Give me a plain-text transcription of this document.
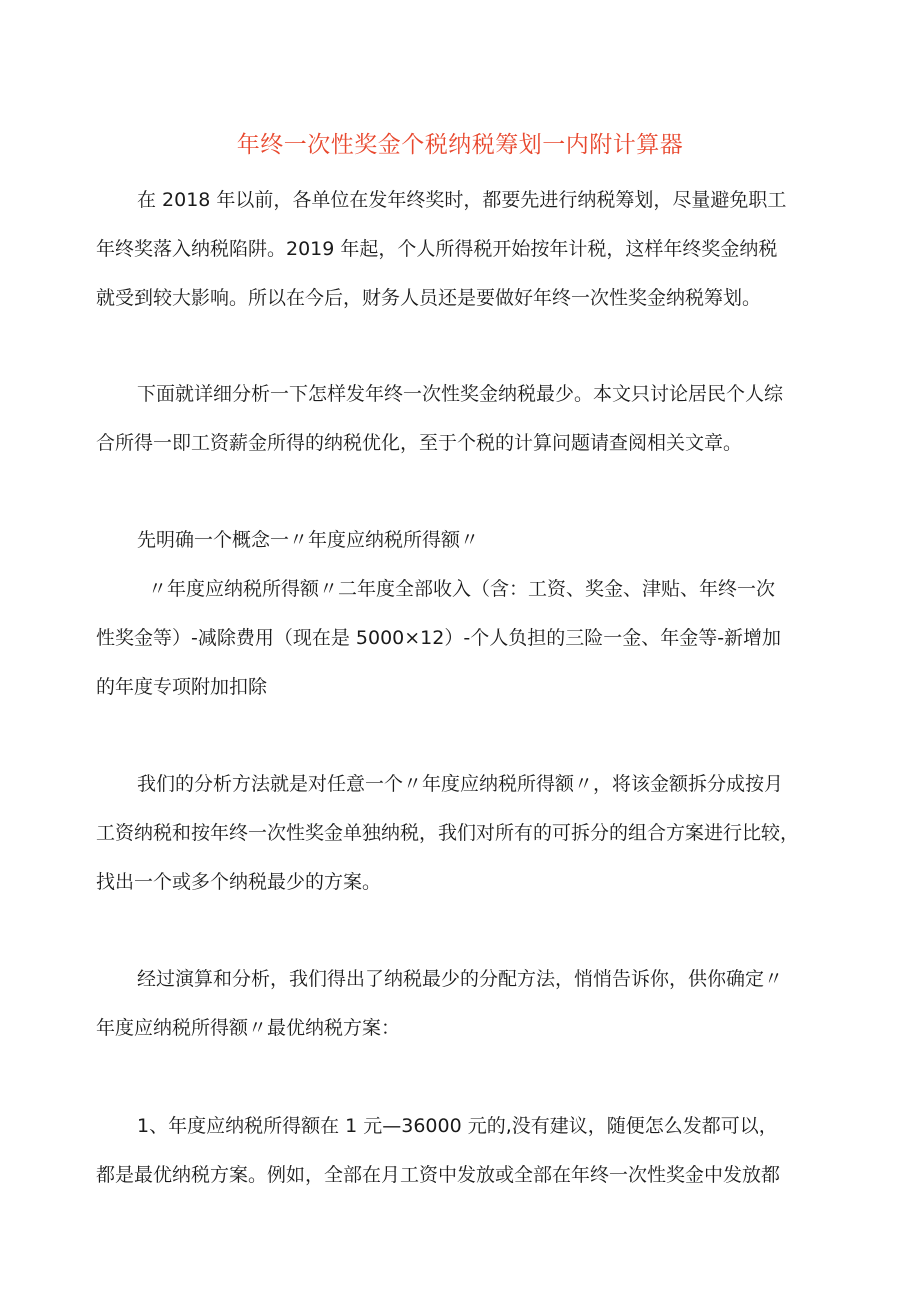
年终一次性奖金个税纳税筹划一内附计算器
在 2018 年以前，各单位在发年终奖时，都要先进行纳税筹划，尽量避免职工
年终奖落入纳税陷阱。2019 年起，个人所得税开始按年计税，这样年终奖金纳税
就受到较大影响。所以在今后，财务人员还是要做好年终一次性奖金纳税筹划。
下面就详细分析一下怎样发年终一次性奖金纳税最少。本文只讨论居民个人综
合所得一即工资薪金所得的纳税优化，至于个税的计算问题请查阅相关文章。
先明确一个概念一〃年度应纳税所得额〃
〃年度应纳税所得额〃二年度全部收入（含：工资、奖金、津贴、年终一次
性奖金等）-减除费用（现在是 5000×12）-个人负担的三险一金、年金等-新增加
的年度专项附加扣除
我们的分析方法就是对任意一个〃年度应纳税所得额〃，将该金额拆分成按月
工资纳税和按年终一次性奖金单独纳税，我们对所有的可拆分的组合方案进行比较，
找出一个或多个纳税最少的方案。
经过演算和分析，我们得出了纳税最少的分配方法，悄悄告诉你，供你确定〃
年度应纳税所得额〃最优纳税方案：
1、年度应纳税所得额在 1 元—36000 元的,没有建议，随便怎么发都可以，
都是最优纳税方案。例如，全部在月工资中发放或全部在年终一次性奖金中发放都
